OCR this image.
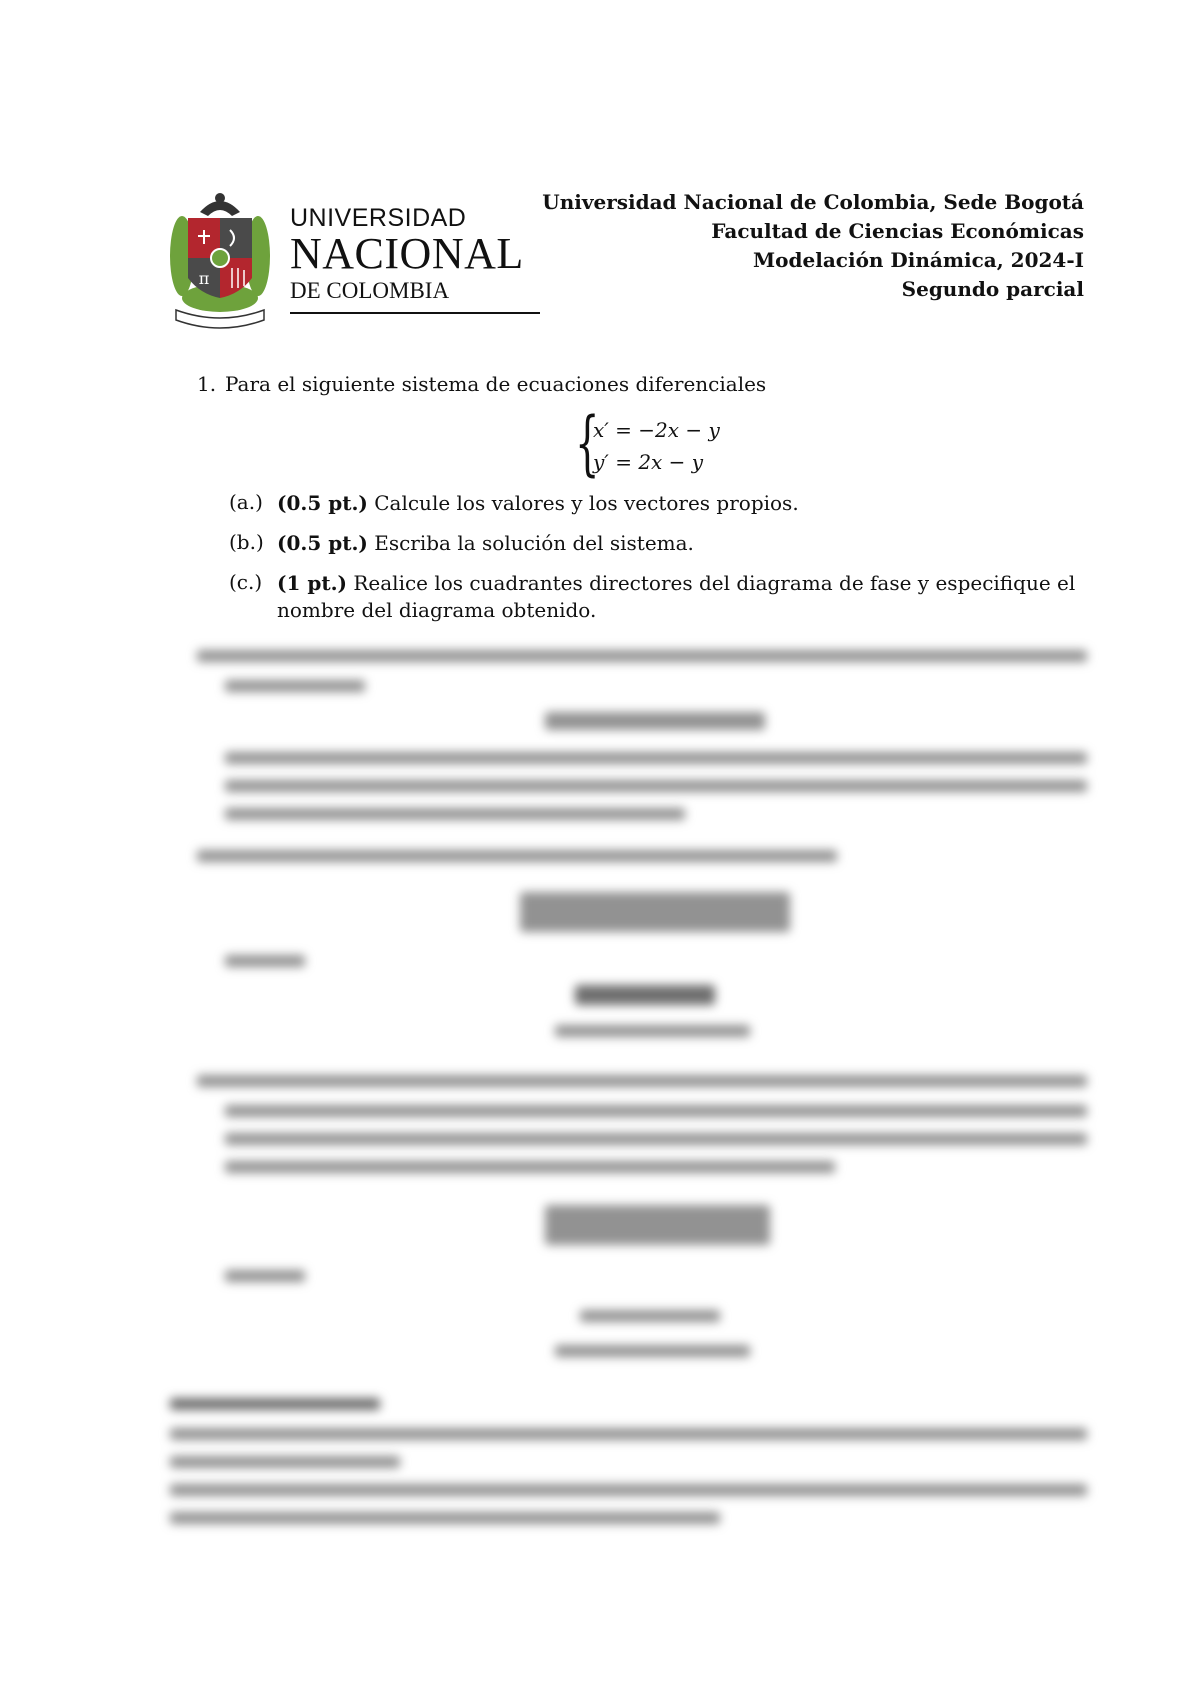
π
UNIVERSIDAD
NACIONAL
DE COLOMBIA
Universidad Nacional de Colombia, Sede Bogotá
Facultad de Ciencias Económicas
Modelación Dinámica, 2024-I
Segundo parcial
1. Para el siguiente sistema de ecuaciones diferenciales
{
x′ = −2x − y
y′ = 2x − y
(a.) (0.5 pt.) Calcule los valores y los vectores propios.
(b.) (0.5 pt.) Escriba la solución del sistema.
(c.) (1 pt.) Realice los cuadrantes directores del diagrama de fase y especifique el nombre del diagrama obtenido.
